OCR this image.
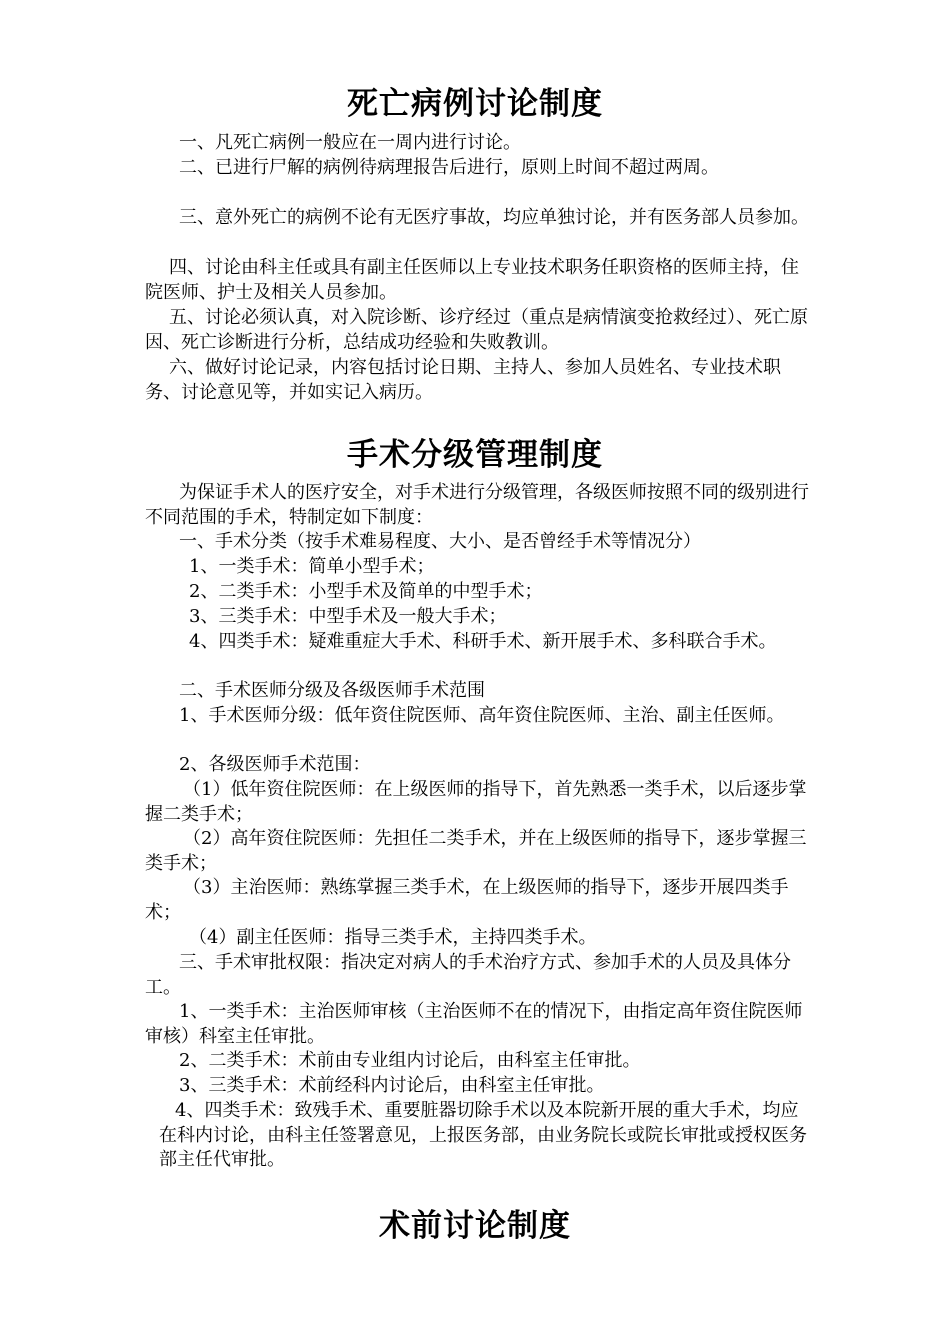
死亡病例讨论制度
一、凡死亡病例一般应在一周内进行讨论。
二、已进行尸解的病例待病理报告后进行，原则上时间不超过两周。
三、意外死亡的病例不论有无医疗事故，均应单独讨论，并有医务部人员参加。
四、讨论由科主任或具有副主任医师以上专业技术职务任职资格的医师主持，住院医师、护士及相关人员参加。
五、讨论必须认真，对入院诊断、诊疗经过（重点是病情演变抢救经过）、死亡原因、死亡诊断进行分析，总结成功经验和失败教训。
六、做好讨论记录，内容包括讨论日期、主持人、参加人员姓名、专业技术职务、讨论意见等，并如实记入病历。
手术分级管理制度
为保证手术人的医疗安全，对手术进行分级管理，各级医师按照不同的级别进行不同范围的手术，特制定如下制度：
一、手术分类（按手术难易程度、大小、是否曾经手术等情况分）
1、一类手术：简单小型手术；
2、二类手术：小型手术及简单的中型手术；
3、三类手术：中型手术及一般大手术；
4、四类手术：疑难重症大手术、科研手术、新开展手术、多科联合手术。
二、手术医师分级及各级医师手术范围
1、手术医师分级：低年资住院医师、高年资住院医师、主治、副主任医师。
2、各级医师手术范围：
（1）低年资住院医师：在上级医师的指导下，首先熟悉一类手术，以后逐步掌握二类手术；
（2）高年资住院医师：先担任二类手术，并在上级医师的指导下，逐步掌握三类手术；
（3）主治医师：熟练掌握三类手术，在上级医师的指导下，逐步开展四类手术；
（4）副主任医师：指导三类手术，主持四类手术。
三、手术审批权限：指决定对病人的手术治疗方式、参加手术的人员及具体分工。
1、一类手术：主治医师审核（主治医师不在的情况下，由指定高年资住院医师审核）科室主任审批。
2、二类手术：术前由专业组内讨论后，由科室主任审批。
3、三类手术：术前经科内讨论后，由科室主任审批。
4、四类手术：致残手术、重要脏器切除手术以及本院新开展的重大手术，均应在科内讨论，由科主任签署意见，上报医务部，由业务院长或院长审批或授权医务部主任代审批。
术前讨论制度
